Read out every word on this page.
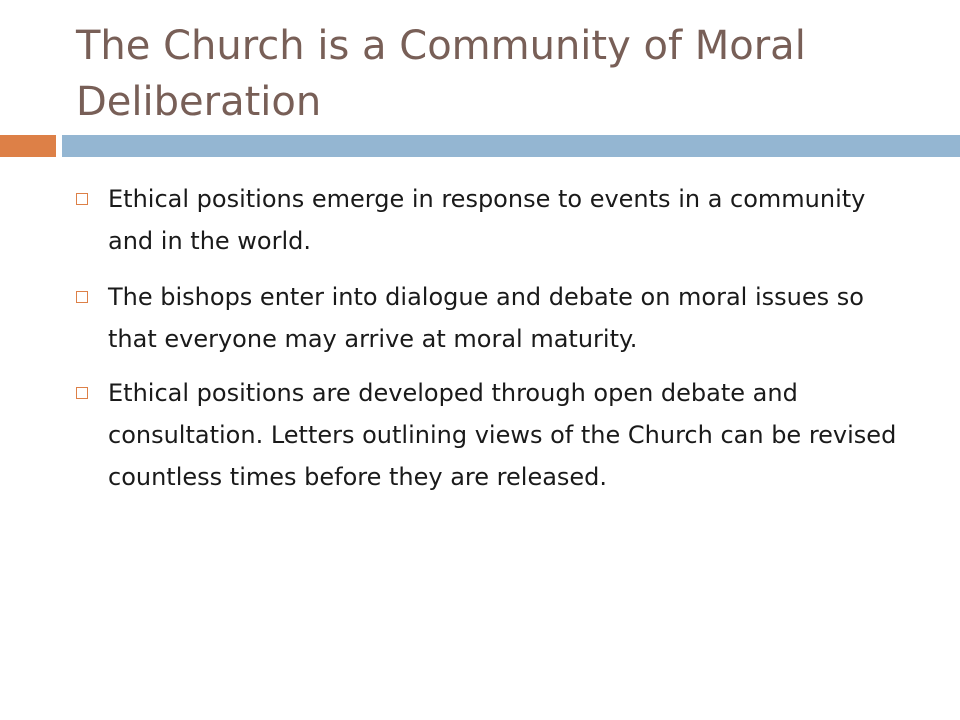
The Church is a Community of Moral Deliberation
Ethical positions emerge in response to events in a community and in the world.
The bishops enter into dialogue and debate on moral issues so that everyone may arrive at moral maturity.
Ethical positions are developed through open debate and consultation. Letters outlining views of the Church can be revised countless times before they are released.
